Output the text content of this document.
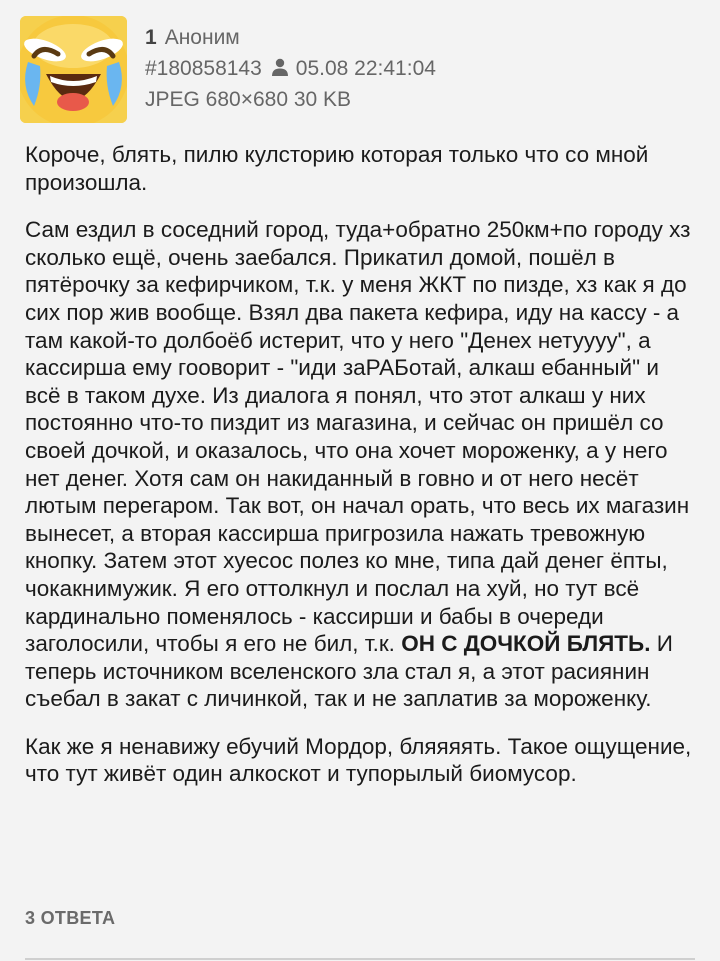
1 Аноним
#180858143 05.08 22:41:04
JPEG 680×680 30 KB

Короче, блять, пилю кулсторию которая только что со мной произошла.

Сам ездил в соседний город, туда+обратно 250км+по городу хз сколько ещё, очень заебался. Прикатил домой, пошёл в пятёрочку за кефирчиком, т.к. у меня ЖКТ по пизде, хз как я до сих пор жив вообще. Взял два пакета кефира, иду на кассу - а там какой-то долбоёб истерит, что у него "Денех нетуууу", а кассирша ему гооворит - "иди заРАБотай, алкаш ебанный" и всё в таком духе. Из диалога я понял, что этот алкаш у них постоянно что-то пиздит из магазина, и сейчас он пришёл со своей дочкой, и оказалось, что она хочет мороженку, а у него нет денег. Хотя сам он накиданный в говно и от него несёт лютым перегаром. Так вот, он начал орать, что весь их магазин вынесет, а вторая кассирша пригрозила нажать тревожную кнопку. Затем этот хуесос полез ко мне, типа дай денег ёпты, чокакнимужик. Я его оттолкнул и послал на хуй, но тут всё кардинально поменялось - кассирши и бабы в очереди заголосили, чтобы я его не бил, т.к. ОН С ДОЧКОЙ БЛЯТЬ. И теперь источником вселенского зла стал я, а этот расиянин съебал в закат с личинкой, так и не заплатив за мороженку.

Как же я ненавижу ебучий Мордор, бляяяять. Такое ощущение, что тут живёт один алкоскот и тупорылый биомусор.

3 ОТВЕТА
